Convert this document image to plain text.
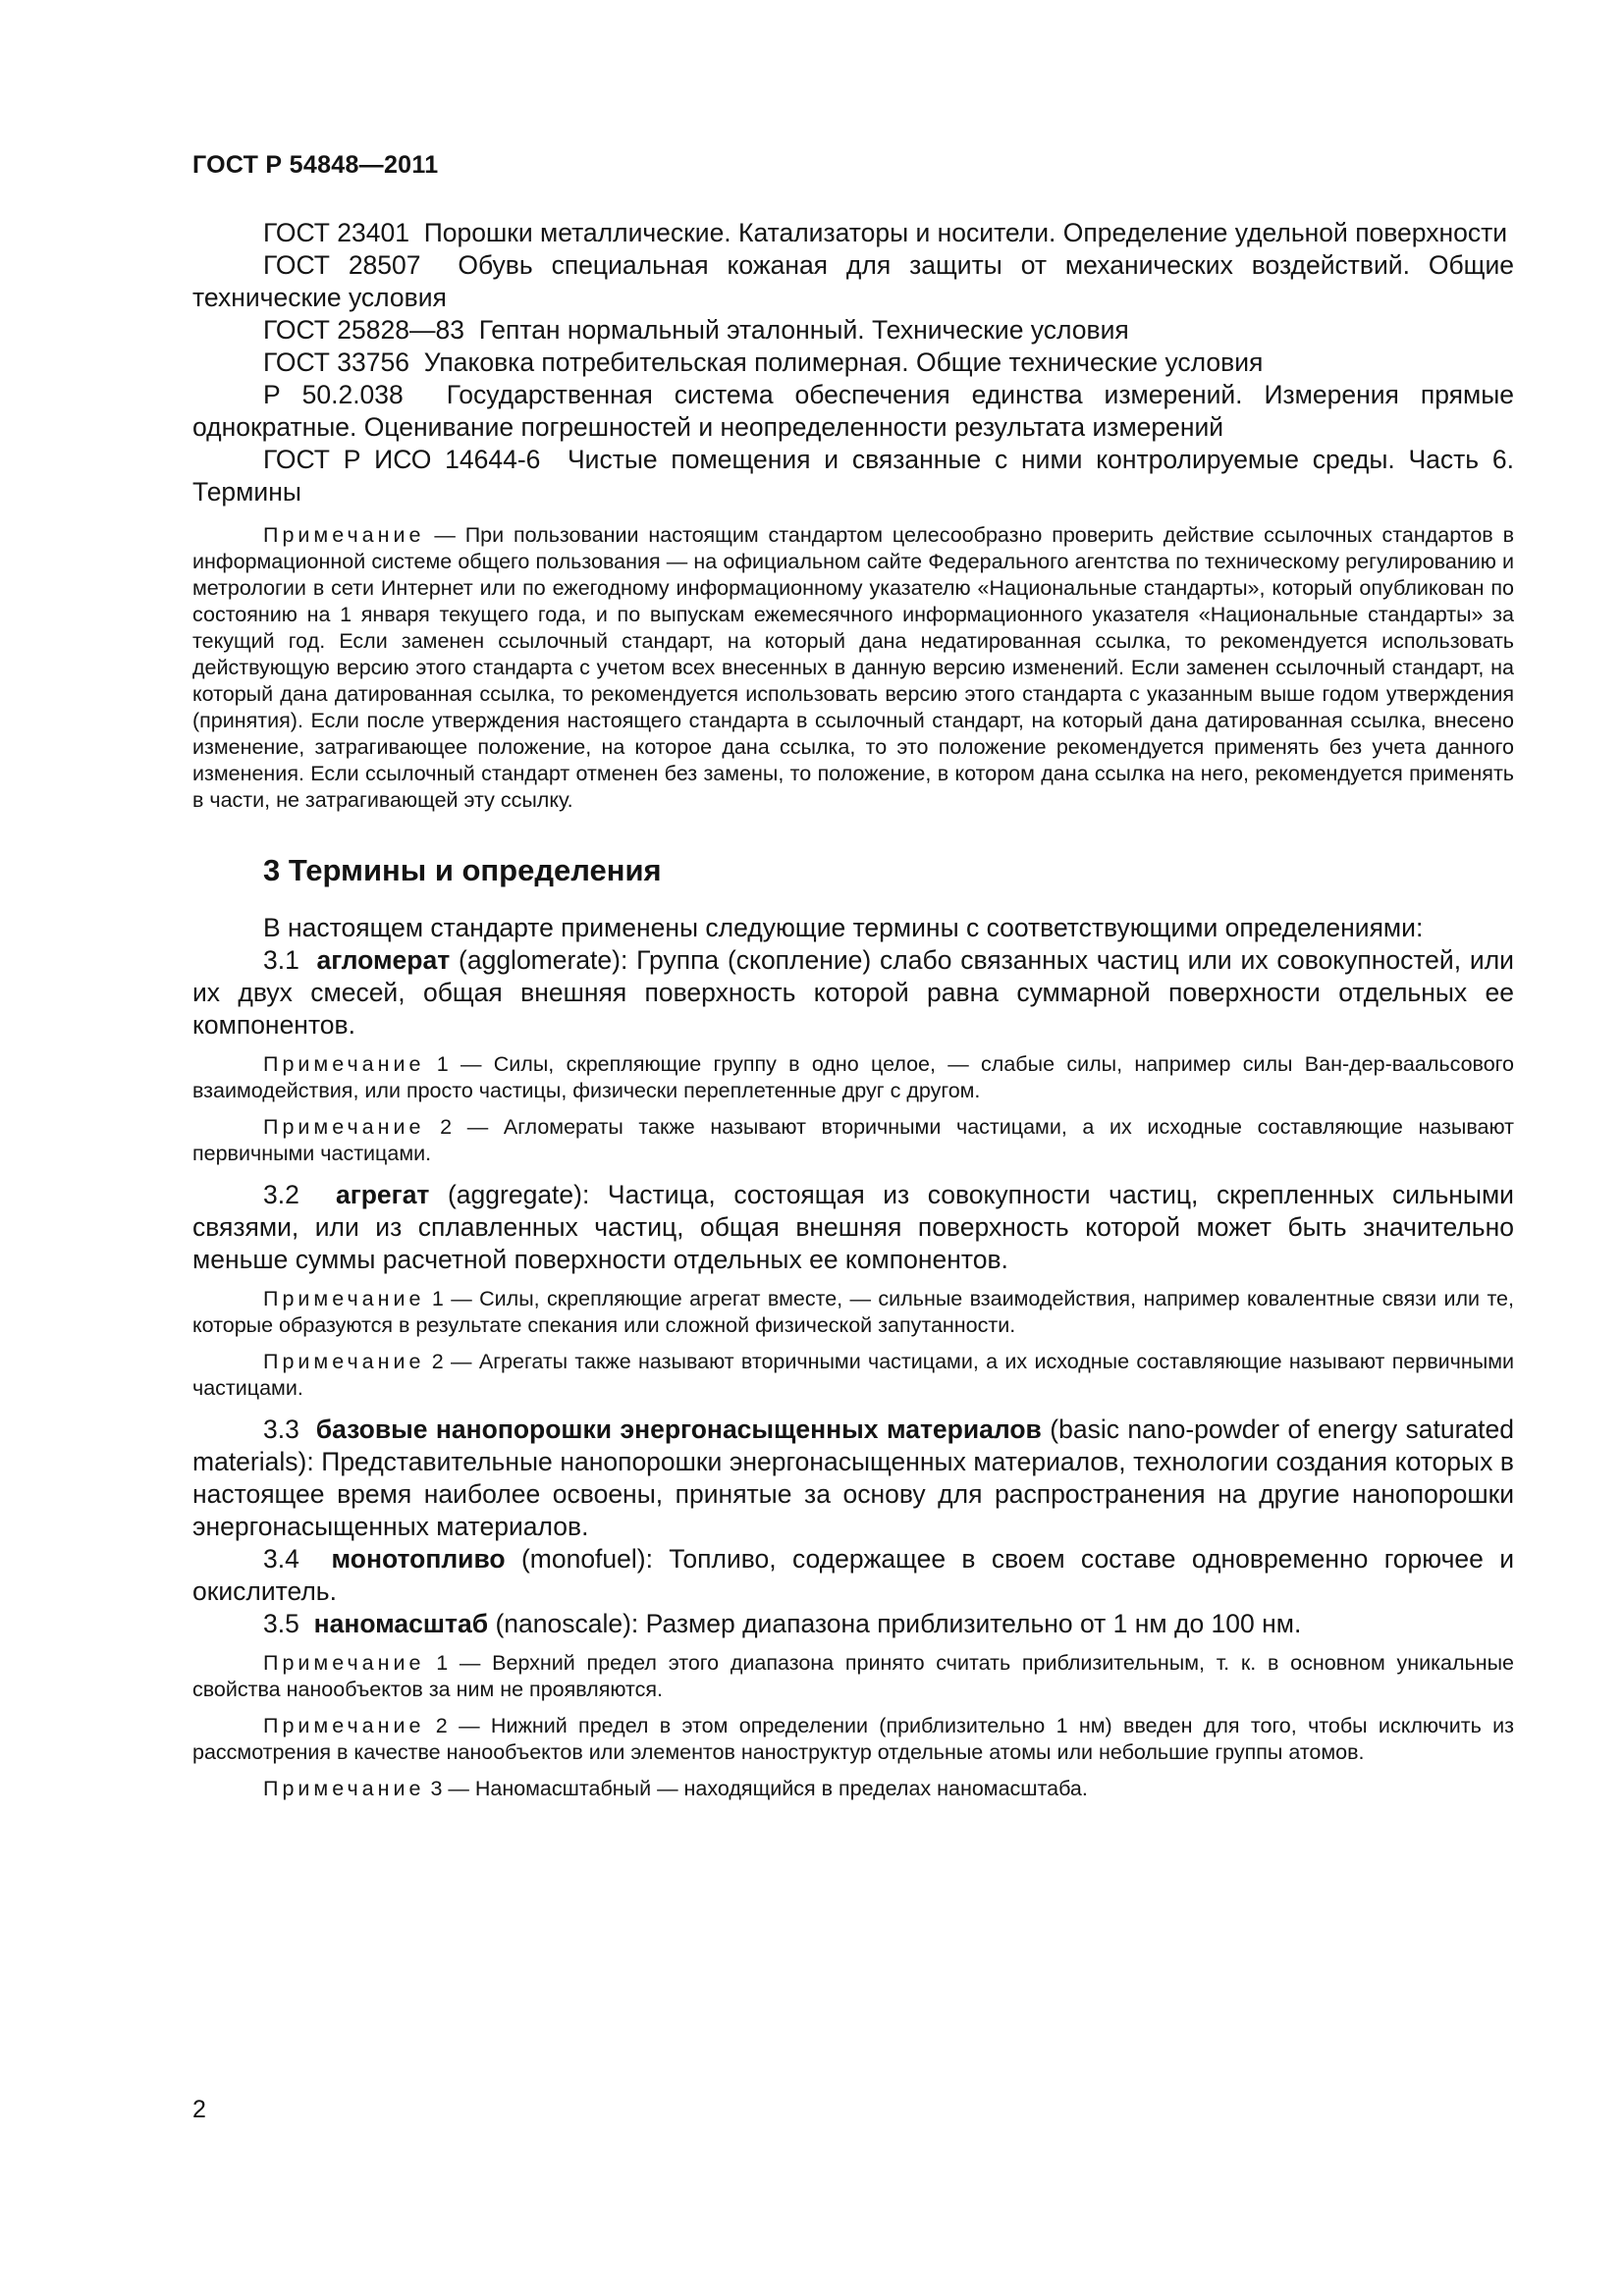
ГОСТ Р 54848—2011

ГОСТ 23401 Порошки металлические. Катализаторы и носители. Определение удельной поверхности

ГОСТ 28507 Обувь специальная кожаная для защиты от механических воздействий. Общие технические условия

ГОСТ 25828—83 Гептан нормальный эталонный. Технические условия

ГОСТ 33756 Упаковка потребительская полимерная. Общие технические условия

Р 50.2.038 Государственная система обеспечения единства измерений. Измерения прямые однократные. Оценивание погрешностей и неопределенности результата измерений

ГОСТ Р ИСО 14644-6 Чистые помещения и связанные с ними контролируемые среды. Часть 6. Термины

Примечание — При пользовании настоящим стандартом целесообразно проверить действие ссылочных стандартов в информационной системе общего пользования — на официальном сайте Федерального агентства по техническому регулированию и метрологии в сети Интернет или по ежегодному информационному указателю «Национальные стандарты», который опубликован по состоянию на 1 января текущего года, и по выпускам ежемесячного информационного указателя «Национальные стандарты» за текущий год. Если заменен ссылочный стандарт, на который дана недатированная ссылка, то рекомендуется использовать действующую версию этого стандарта с учетом всех внесенных в данную версию изменений. Если заменен ссылочный стандарт, на который дана датированная ссылка, то рекомендуется использовать версию этого стандарта с указанным выше годом утверждения (принятия). Если после утверждения настоящего стандарта в ссылочный стандарт, на который дана датированная ссылка, внесено изменение, затрагивающее положение, на которое дана ссылка, то это положение рекомендуется применять без учета данного изменения. Если ссылочный стандарт отменен без замены, то положение, в котором дана ссылка на него, рекомендуется применять в части, не затрагивающей эту ссылку.

3 Термины и определения

В настоящем стандарте применены следующие термины с соответствующими определениями:

3.1 агломерат (agglomerate): Группа (скопление) слабо связанных частиц или их совокупностей, или их двух смесей, общая внешняя поверхность которой равна суммарной поверхности отдельных ее компонентов.

Примечание 1 — Силы, скрепляющие группу в одно целое, — слабые силы, например силы Ван-дер-ваальсового взаимодействия, или просто частицы, физически переплетенные друг с другом.

Примечание 2 — Агломераты также называют вторичными частицами, а их исходные составляющие называют первичными частицами.

3.2 агрегат (aggregate): Частица, состоящая из совокупности частиц, скрепленных сильными связями, или из сплавленных частиц, общая внешняя поверхность которой может быть значительно меньше суммы расчетной поверхности отдельных ее компонентов.

Примечание 1 — Силы, скрепляющие агрегат вместе, — сильные взаимодействия, например ковалентные связи или те, которые образуются в результате спекания или сложной физической запутанности.

Примечание 2 — Агрегаты также называют вторичными частицами, а их исходные составляющие называют первичными частицами.

3.3 базовые нанопорошки энергонасыщенных материалов (basic nano-powder of energy saturated materials): Представительные нанопорошки энергонасыщенных материалов, технологии создания которых в настоящее время наиболее освоены, принятые за основу для распространения на другие нанопорошки энергонасыщенных материалов.

3.4 монотопливо (monofuel): Топливо, содержащее в своем составе одновременно горючее и окислитель.

3.5 наномасштаб (nanoscale): Размер диапазона приблизительно от 1 нм до 100 нм.

Примечание 1 — Верхний предел этого диапазона принято считать приблизительным, т. к. в основном уникальные свойства нанообъектов за ним не проявляются.

Примечание 2 — Нижний предел в этом определении (приблизительно 1 нм) введен для того, чтобы исключить из рассмотрения в качестве нанообъектов или элементов наноструктур отдельные атомы или небольшие группы атомов.

Примечание 3 — Наномасштабный — находящийся в пределах наномасштаба.

2
